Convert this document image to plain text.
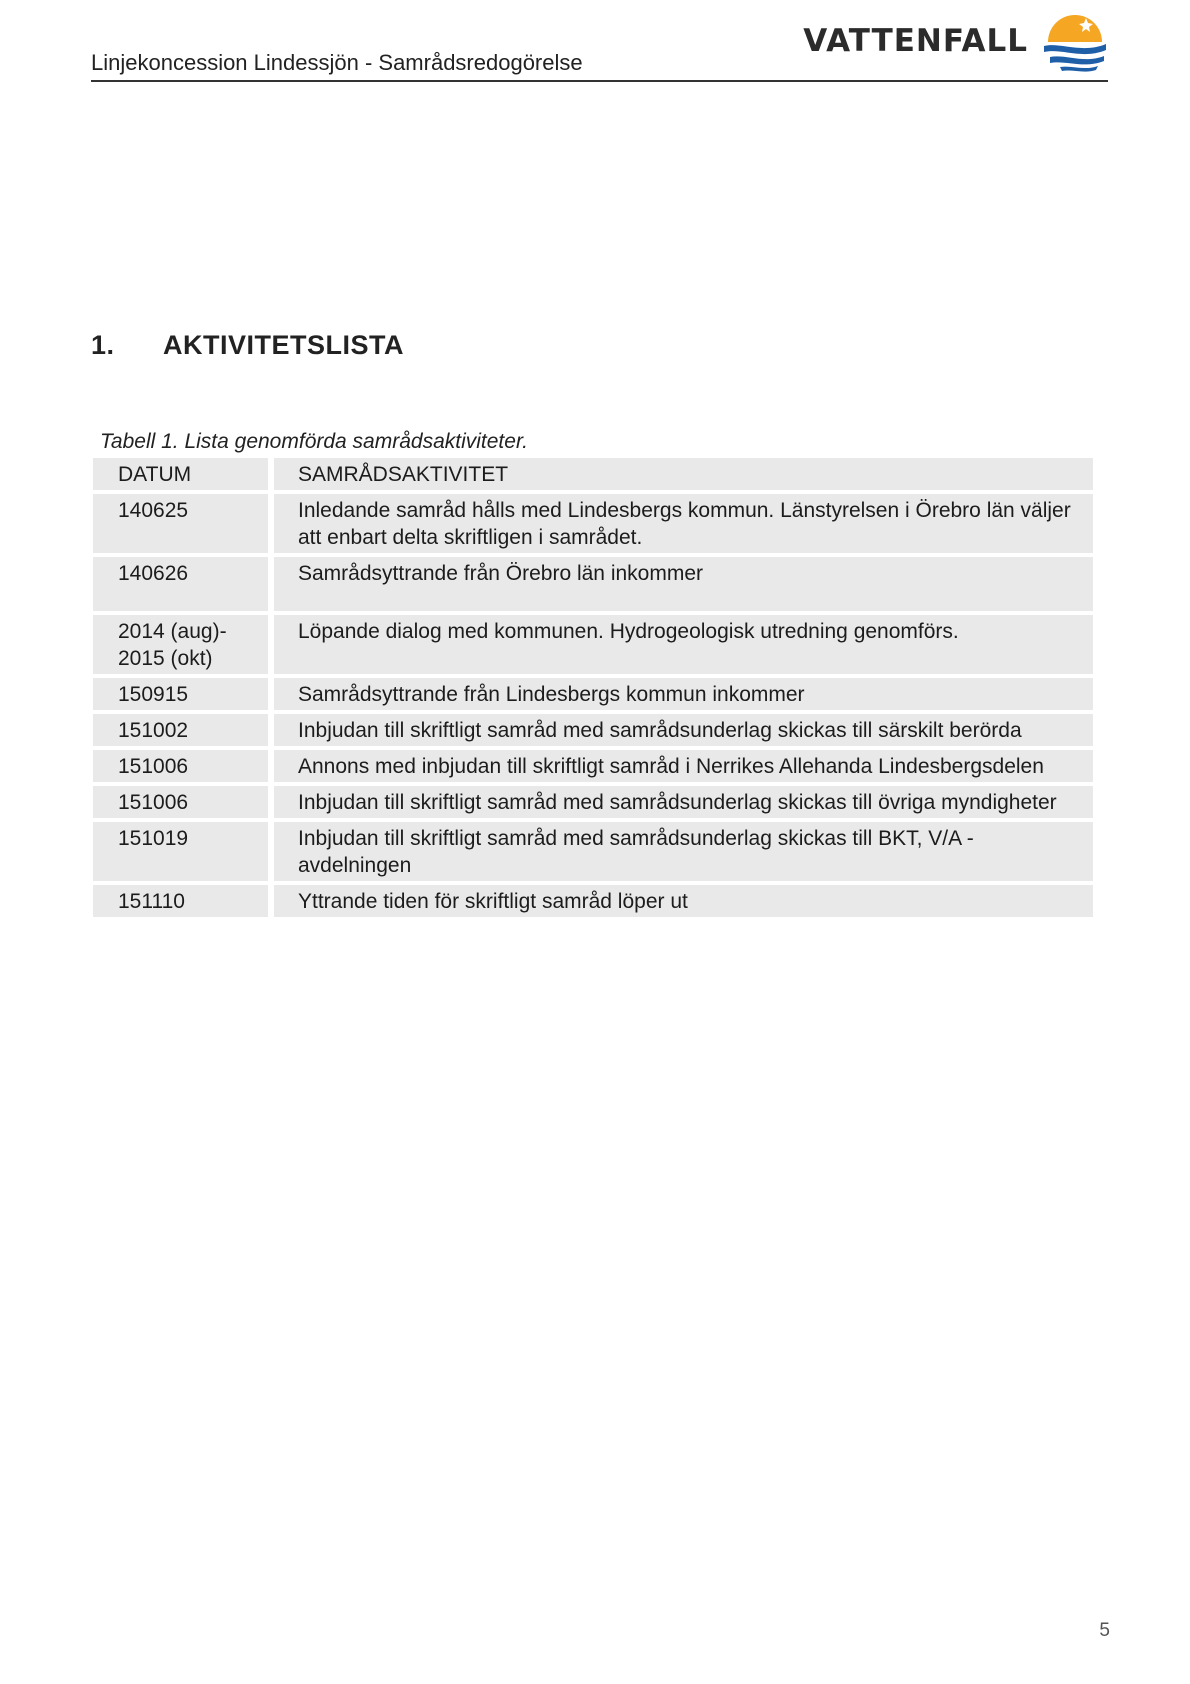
Linjekoncession Lindessjön - Samrådsredogörelse
VATTENFALL
1. AKTIVITETSLISTA
Tabell 1. Lista genomförda samrådsaktiviteter.
DATUM	SAMRÅDSAKTIVITET
140625	Inledande samråd hålls med Lindesbergs kommun. Länstyrelsen i Örebro län väljer att enbart delta skriftligen i samrådet.
140626	Samrådsyttrande från Örebro län inkommer
2014 (aug)-
2015 (okt)	Löpande dialog med kommunen. Hydrogeologisk utredning genomförs.
150915	Samrådsyttrande från Lindesbergs kommun inkommer
151002	Inbjudan till skriftligt samråd med samrådsunderlag skickas till särskilt berörda
151006	Annons med inbjudan till skriftligt samråd i Nerrikes Allehanda Lindesbergsdelen
151006	Inbjudan till skriftligt samråd med samrådsunderlag skickas till övriga myndigheter
151019	Inbjudan till skriftligt samråd med samrådsunderlag skickas till BKT, V/A -avdelningen
151110	Yttrande tiden för skriftligt samråd löper ut
5
